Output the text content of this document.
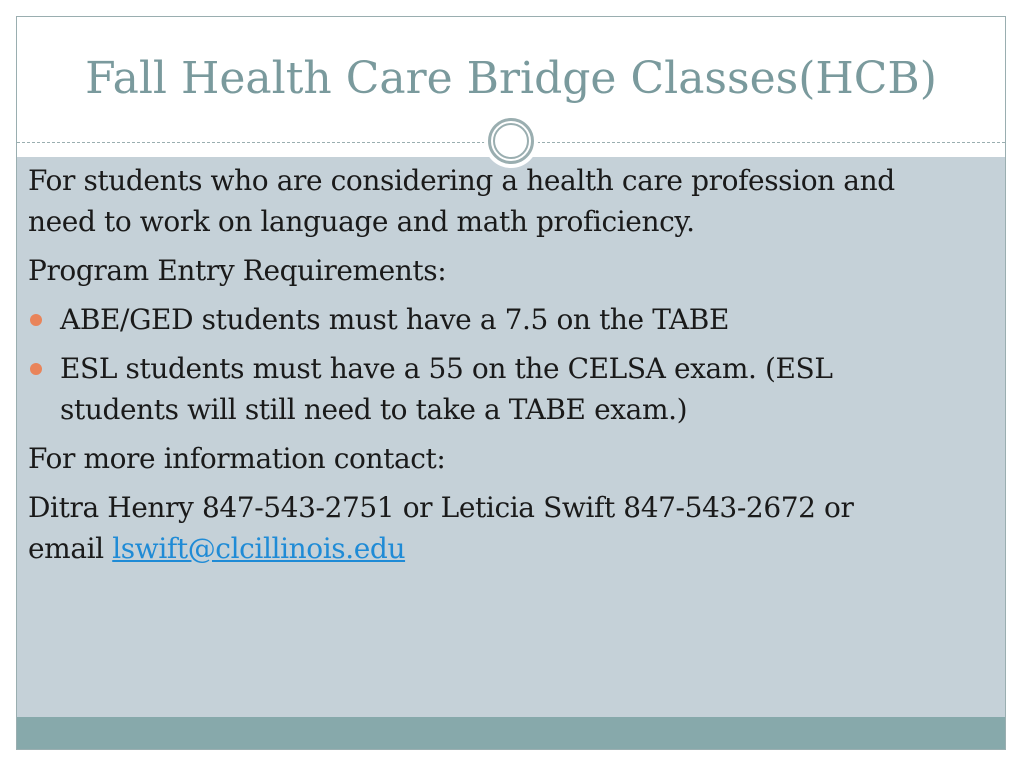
Fall Health Care Bridge Classes(HCB)

For students who are considering a health care profession and need to work on language and math proficiency.

Program Entry Requirements:

ABE/GED students must have a 7.5 on the TABE
ESL students must have a 55 on the CELSA exam. (ESL students will still need to take a TABE exam.)

For more information contact:

Ditra Henry 847-543-2751 or Leticia Swift 847-543-2672 or email lswift@clcillinois.edu
